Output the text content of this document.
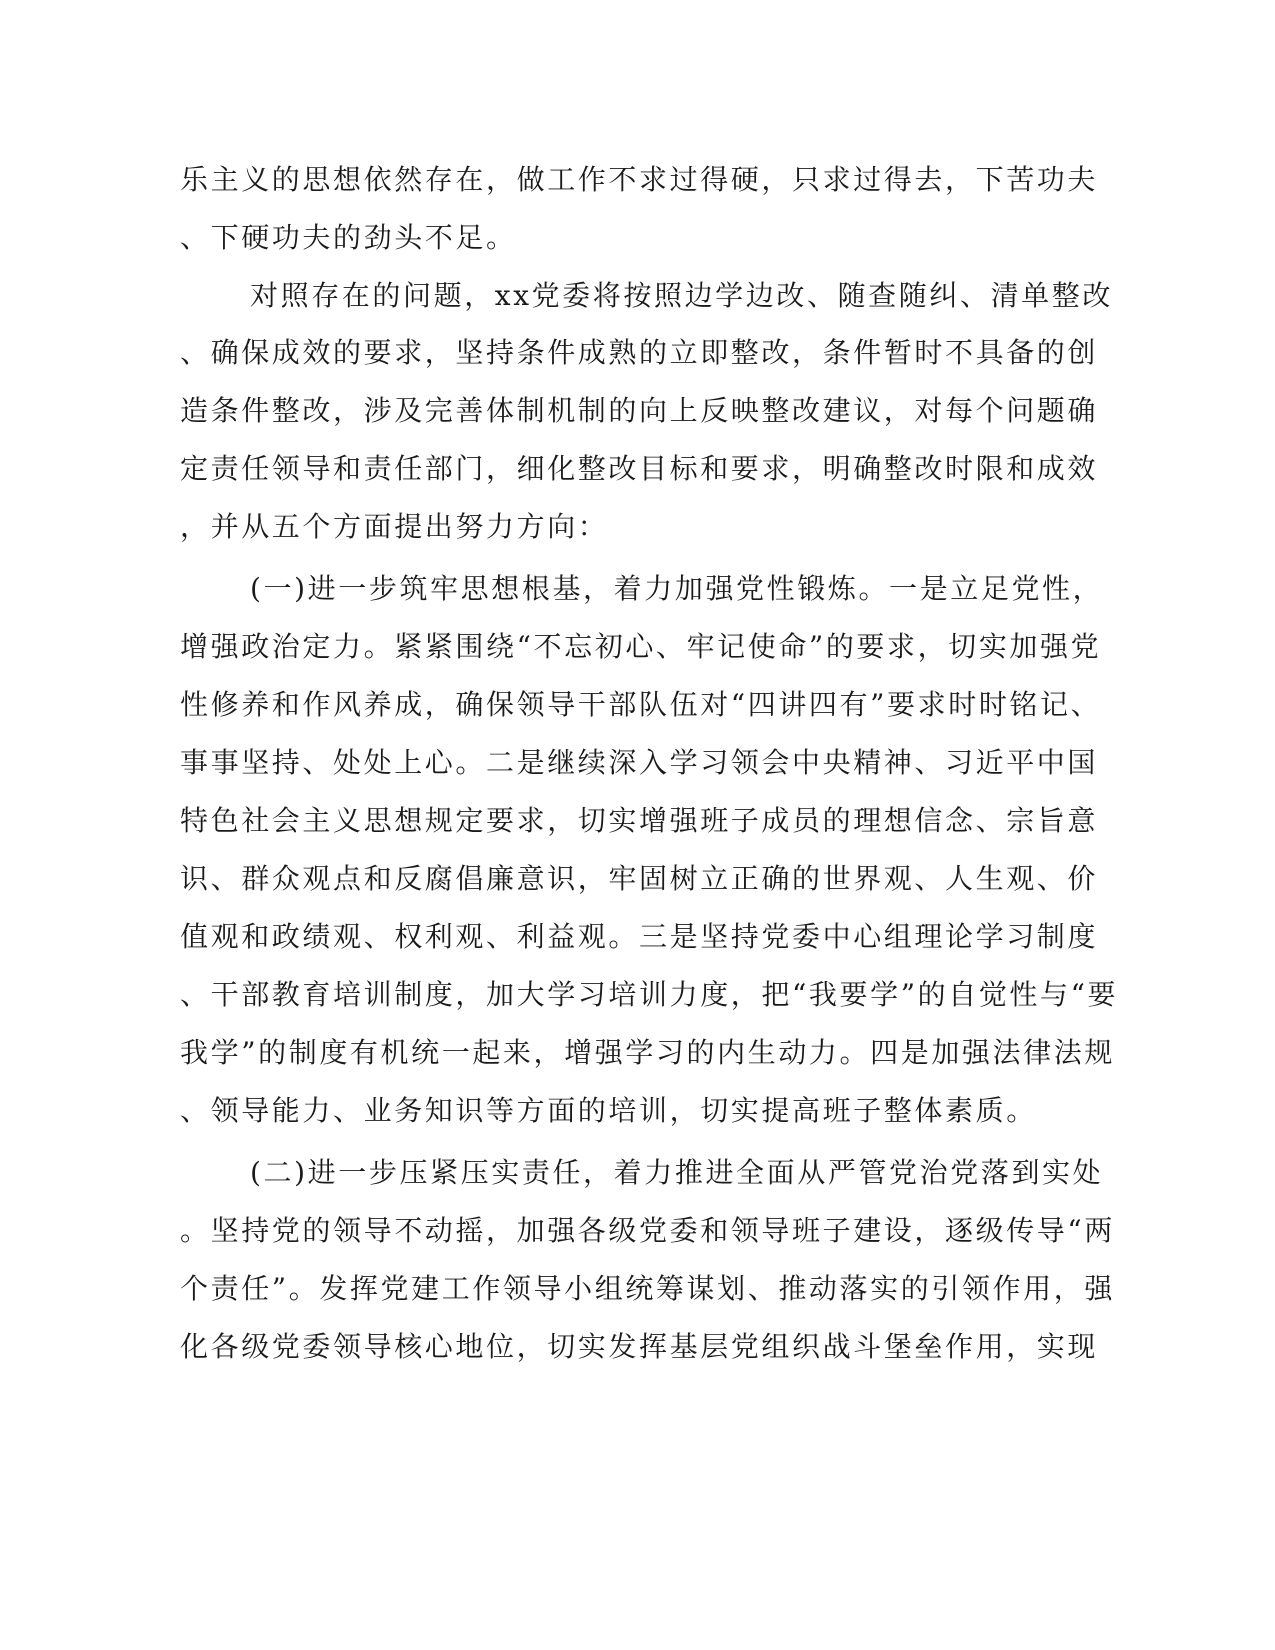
乐主义的思想依然存在，做工作不求过得硬，只求过得去，下苦功夫
、下硬功夫的劲头不足。
对照存在的问题，xx党委将按照边学边改、随查随纠、清单整改
、确保成效的要求，坚持条件成熟的立即整改，条件暂时不具备的创
造条件整改，涉及完善体制机制的向上反映整改建议，对每个问题确
定责任领导和责任部门，细化整改目标和要求，明确整改时限和成效
，并从五个方面提出努力方向：
(一)进一步筑牢思想根基，着力加强党性锻炼。一是立足党性，
增强政治定力。紧紧围绕“不忘初心、牢记使命”的要求，切实加强党
性修养和作风养成，确保领导干部队伍对“四讲四有”要求时时铭记、
事事坚持、处处上心。二是继续深入学习领会中央精神、习近平中国
特色社会主义思想规定要求，切实增强班子成员的理想信念、宗旨意
识、群众观点和反腐倡廉意识，牢固树立正确的世界观、人生观、价
值观和政绩观、权利观、利益观。三是坚持党委中心组理论学习制度
、干部教育培训制度，加大学习培训力度，把“我要学”的自觉性与“要
我学”的制度有机统一起来，增强学习的内生动力。四是加强法律法规
、领导能力、业务知识等方面的培训，切实提高班子整体素质。
(二)进一步压紧压实责任，着力推进全面从严管党治党落到实处
。坚持党的领导不动摇，加强各级党委和领导班子建设，逐级传导“两
个责任”。发挥党建工作领导小组统筹谋划、推动落实的引领作用，强
化各级党委领导核心地位，切实发挥基层党组织战斗堡垒作用，实现
